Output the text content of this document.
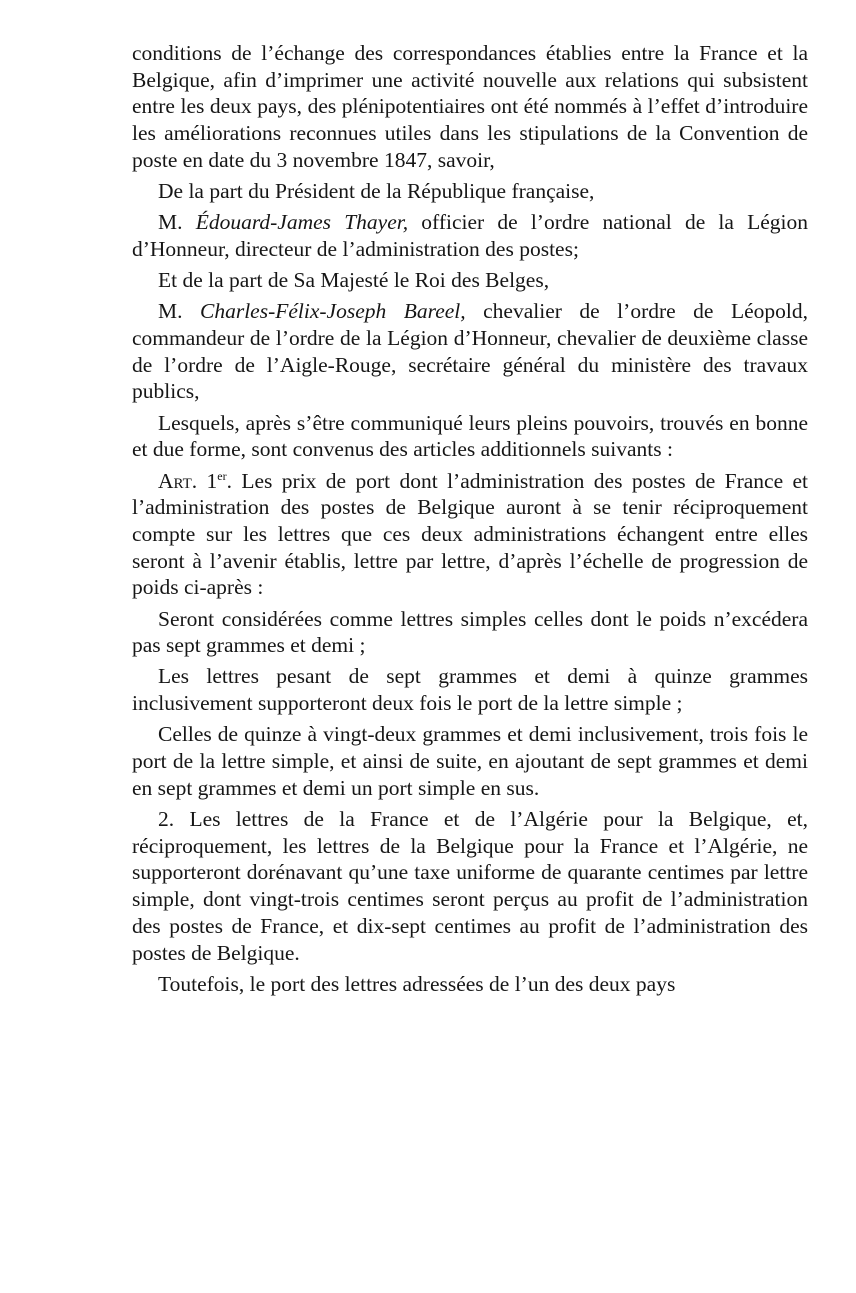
conditions de l’échange des correspondances établies entre la France et la Belgique, afin d’imprimer une activité nouvelle aux relations qui subsistent entre les deux pays, des plénipotentiaires ont été nommés à l’effet d’introduire les améliorations reconnues utiles dans les stipulations de la Convention de poste en date du 3 novembre 1847, savoir,

De la part du Président de la République française,

M. Édouard-James Thayer, officier de l’ordre national de la Légion d’Honneur, directeur de l’administration des postes;

Et de la part de Sa Majesté le Roi des Belges,

M. Charles-Félix-Joseph Bareel, chevalier de l’ordre de Léopold, commandeur de l’ordre de la Légion d’Honneur, chevalier de deuxième classe de l’ordre de l’Aigle-Rouge, secrétaire général du ministère des travaux publics,

Lesquels, après s’être communiqué leurs pleins pouvoirs, trouvés en bonne et due forme, sont convenus des articles additionnels suivants :

Art. 1er. Les prix de port dont l’administration des postes de France et l’administration des postes de Belgique auront à se tenir réciproquement compte sur les lettres que ces deux administrations échangent entre elles seront à l’avenir établis, lettre par lettre, d’après l’échelle de progression de poids ci-après :

Seront considérées comme lettres simples celles dont le poids n’excédera pas sept grammes et demi ;

Les lettres pesant de sept grammes et demi à quinze grammes inclusivement supporteront deux fois le port de la lettre simple ;

Celles de quinze à vingt-deux grammes et demi inclusivement, trois fois le port de la lettre simple, et ainsi de suite, en ajoutant de sept grammes et demi en sept grammes et demi un port simple en sus.

2. Les lettres de la France et de l’Algérie pour la Belgique, et, réciproquement, les lettres de la Belgique pour la France et l’Algérie, ne supporteront dorénavant qu’une taxe uniforme de quarante centimes par lettre simple, dont vingt-trois centimes seront perçus au profit de l’administration des postes de France, et dix-sept centimes au profit de l’administration des postes de Belgique.

Toutefois, le port des lettres adressées de l’un des deux pays
